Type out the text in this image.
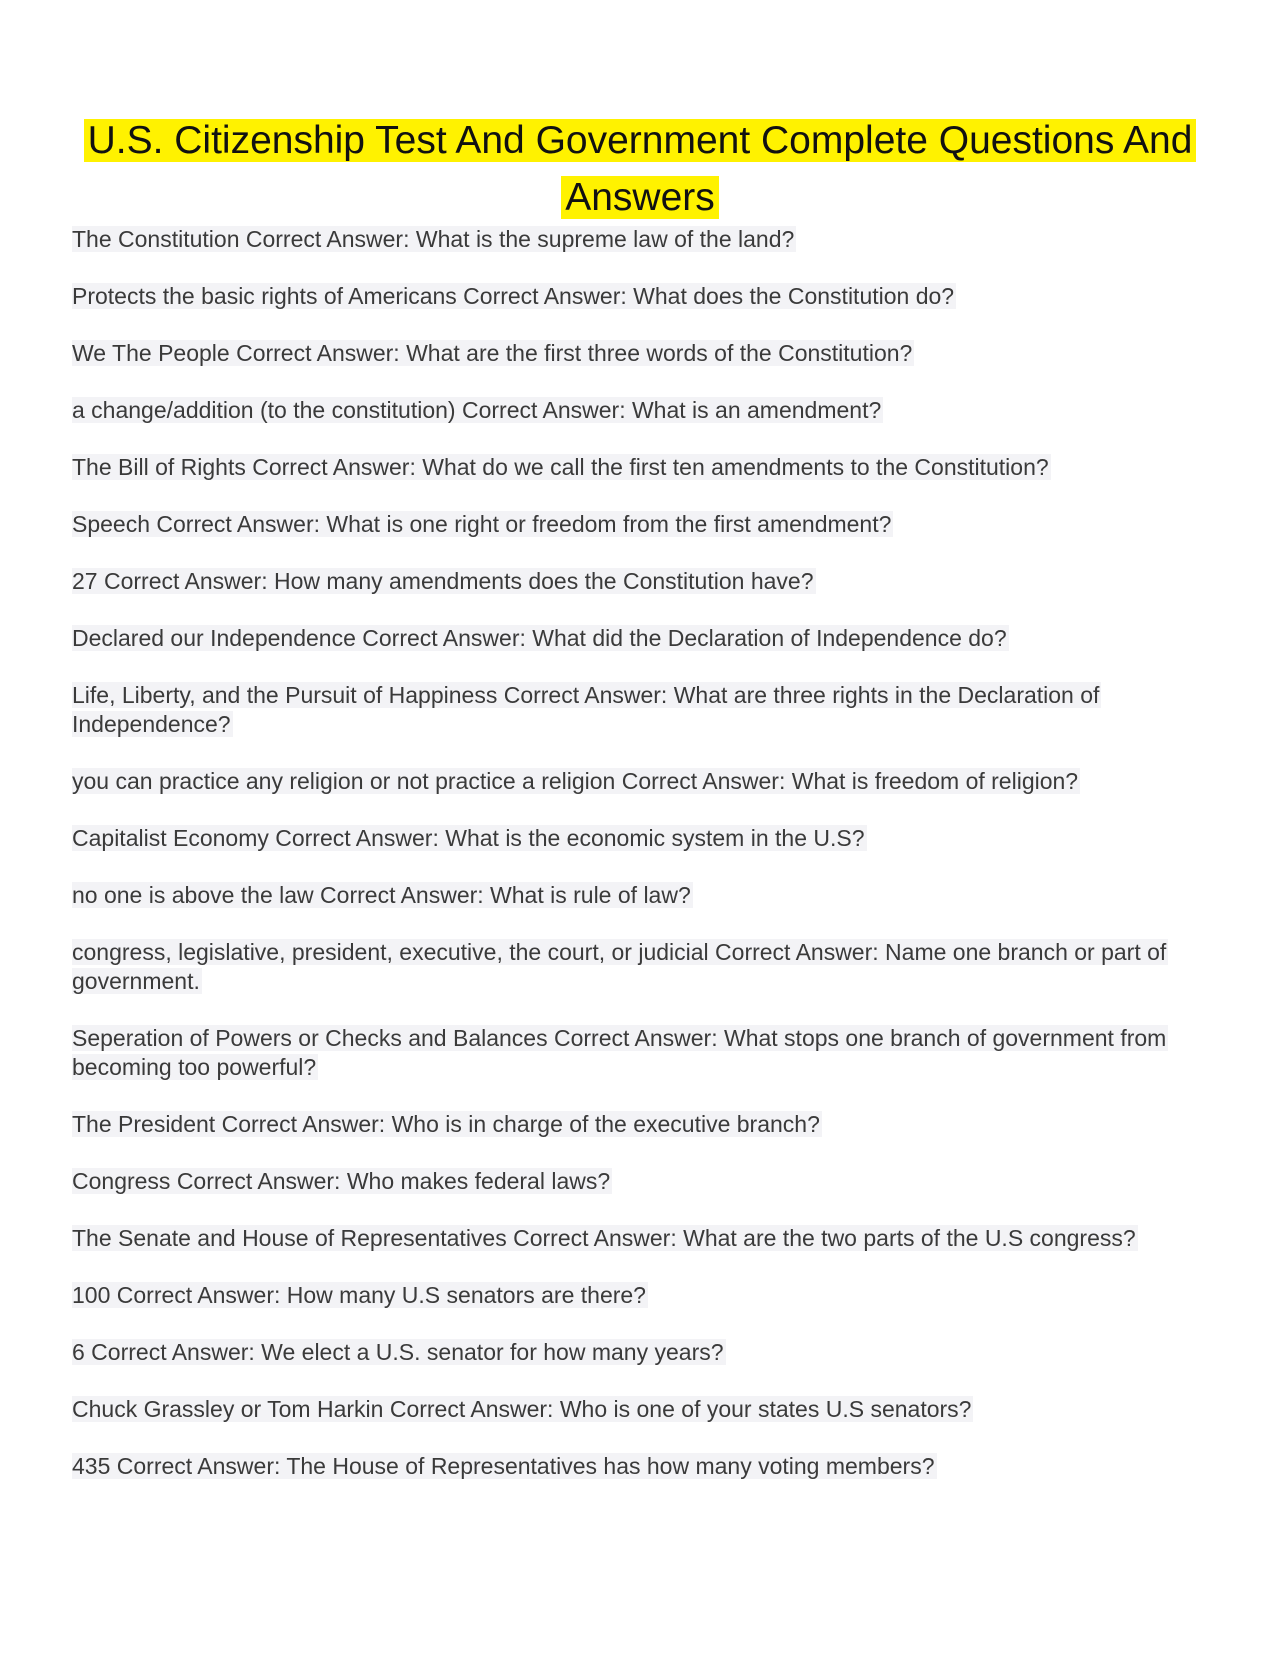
U.S. Citizenship Test And Government Complete Questions And Answers

The Constitution Correct Answer: What is the supreme law of the land?

Protects the basic rights of Americans Correct Answer: What does the Constitution do?

We The People Correct Answer: What are the first three words of the Constitution?

a change/addition (to the constitution) Correct Answer: What is an amendment?

The Bill of Rights Correct Answer: What do we call the first ten amendments to the Constitution?

Speech Correct Answer: What is one right or freedom from the first amendment?

27 Correct Answer: How many amendments does the Constitution have?

Declared our Independence Correct Answer: What did the Declaration of Independence do?

Life, Liberty, and the Pursuit of Happiness Correct Answer: What are three rights in the Declaration of Independence?

you can practice any religion or not practice a religion Correct Answer: What is freedom of religion?

Capitalist Economy Correct Answer: What is the economic system in the U.S?

no one is above the law Correct Answer: What is rule of law?

congress, legislative, president, executive, the court, or judicial Correct Answer: Name one branch or part of government.

Seperation of Powers or Checks and Balances Correct Answer: What stops one branch of government from becoming too powerful?

The President Correct Answer: Who is in charge of the executive branch?

Congress Correct Answer: Who makes federal laws?

The Senate and House of Representatives Correct Answer: What are the two parts of the U.S congress?

100 Correct Answer: How many U.S senators are there?

6 Correct Answer: We elect a U.S. senator for how many years?

Chuck Grassley or Tom Harkin Correct Answer: Who is one of your states U.S senators?

435 Correct Answer: The House of Representatives has how many voting members?
